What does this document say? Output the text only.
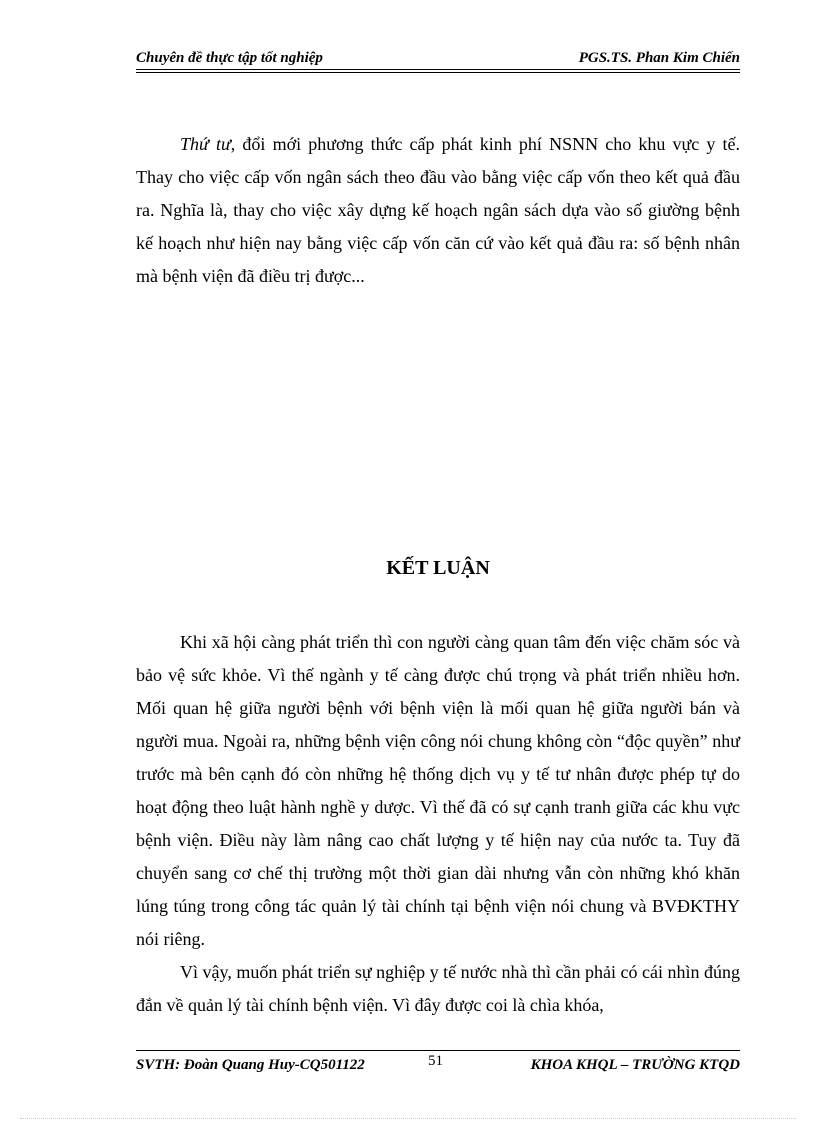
Chuyên đề thực tập tốt nghiệp	PGS.TS. Phan Kim Chiến

Thứ tư, đổi mới phương thức cấp phát kinh phí NSNN cho khu vực y tế. Thay cho việc cấp vốn ngân sách theo đầu vào bằng việc cấp vốn theo kết quả đầu ra. Nghĩa là, thay cho việc xây dựng kế hoạch ngân sách dựa vào số giường bệnh kế hoạch như hiện nay bằng việc cấp vốn căn cứ vào kết quả đầu ra: số bệnh nhân mà bệnh viện đã điều trị được...

KẾT LUẬN

Khi xã hội càng phát triển thì con người càng quan tâm đến việc chăm sóc và bảo vệ sức khỏe. Vì thế ngành y tế càng được chú trọng và phát triển nhiều hơn. Mối quan hệ giữa người bệnh với bệnh viện là mối quan hệ giữa người bán và người mua. Ngoài ra, những bệnh viện công nói chung không còn “độc quyền” như trước mà bên cạnh đó còn những hệ thống dịch vụ y tế tư nhân được phép tự do hoạt động theo luật hành nghề y dược. Vì thế đã có sự cạnh tranh giữa các khu vực bệnh viện. Điều này làm nâng cao chất lượng y tế hiện nay của nước ta. Tuy đã chuyển sang cơ chế thị trường một thời gian dài nhưng vẫn còn những khó khăn lúng túng trong công tác quản lý tài chính tại bệnh viện nói chung và BVĐKTHY nói riêng.

Vì vậy, muốn phát triển sự nghiệp y tế nước nhà thì cần phải có cái nhìn đúng đắn về quản lý tài chính bệnh viện. Vì đây được coi là chìa khóa,

SVTH: Đoàn Quang Huy-CQ501122	KHOA KHQL – TRƯỜNG KTQD
51
